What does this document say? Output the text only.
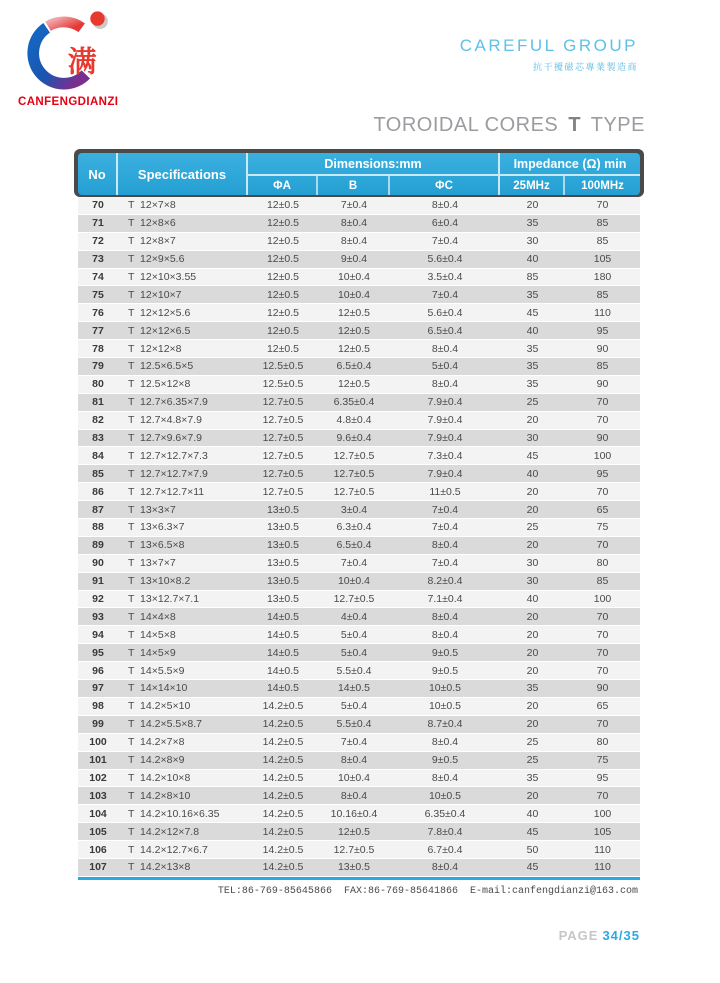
满
CANFENGDIANZI
CAREFUL GROUP
抗干擾磁芯專業製造商
TOROIDAL CORES T TYPE
No	Specifications
Dimensions:mm	Impedance (Ω) min
ΦA	B	ΦC	25MHz	100MHz
70	T  12×7×8	12±0.5	7±0.4	8±0.4	20	70
71	T  12×8×6	12±0.5	8±0.4	6±0.4	35	85
72	T  12×8×7	12±0.5	8±0.4	7±0.4	30	85
73	T  12×9×5.6	12±0.5	9±0.4	5.6±0.4	40	105
74	T  12×10×3.55	12±0.5	10±0.4	3.5±0.4	85	180
75	T  12×10×7	12±0.5	10±0.4	7±0.4	35	85
76	T  12×12×5.6	12±0.5	12±0.5	5.6±0.4	45	110
77	T  12×12×6.5	12±0.5	12±0.5	6.5±0.4	40	95
78	T  12×12×8	12±0.5	12±0.5	8±0.4	35	90
79	T  12.5×6.5×5	12.5±0.5	6.5±0.4	5±0.4	35	85
80	T  12.5×12×8	12.5±0.5	12±0.5	8±0.4	35	90
81	T  12.7×6.35×7.9	12.7±0.5	6.35±0.4	7.9±0.4	25	70
82	T  12.7×4.8×7.9	12.7±0.5	4.8±0.4	7.9±0.4	20	70
83	T  12.7×9.6×7.9	12.7±0.5	9.6±0.4	7.9±0.4	30	90
84	T  12.7×12.7×7.3	12.7±0.5	12.7±0.5	7.3±0.4	45	100
85	T  12.7×12.7×7.9	12.7±0.5	12.7±0.5	7.9±0.4	40	95
86	T  12.7×12.7×11	12.7±0.5	12.7±0.5	11±0.5	20	70
87	T  13×3×7	13±0.5	3±0.4	7±0.4	20	65
88	T  13×6.3×7	13±0.5	6.3±0.4	7±0.4	25	75
89	T  13×6.5×8	13±0.5	6.5±0.4	8±0.4	20	70
90	T  13×7×7	13±0.5	7±0.4	7±0.4	30	80
91	T  13×10×8.2	13±0.5	10±0.4	8.2±0.4	30	85
92	T  13×12.7×7.1	13±0.5	12.7±0.5	7.1±0.4	40	100
93	T  14×4×8	14±0.5	4±0.4	8±0.4	20	70
94	T  14×5×8	14±0.5	5±0.4	8±0.4	20	70
95	T  14×5×9	14±0.5	5±0.4	9±0.5	20	70
96	T  14×5.5×9	14±0.5	5.5±0.4	9±0.5	20	70
97	T  14×14×10	14±0.5	14±0.5	10±0.5	35	90
98	T  14.2×5×10	14.2±0.5	5±0.4	10±0.5	20	65
99	T  14.2×5.5×8.7	14.2±0.5	5.5±0.4	8.7±0.4	20	70
100	T  14.2×7×8	14.2±0.5	7±0.4	8±0.4	25	80
101	T  14.2×8×9	14.2±0.5	8±0.4	9±0.5	25	75
102	T  14.2×10×8	14.2±0.5	10±0.4	8±0.4	35	95
103	T  14.2×8×10	14.2±0.5	8±0.4	10±0.5	20	70
104	T  14.2×10.16×6.35	14.2±0.5	10.16±0.4	6.35±0.4	40	100
105	T  14.2×12×7.8	14.2±0.5	12±0.5	7.8±0.4	45	105
106	T  14.2×12.7×6.7	14.2±0.5	12.7±0.5	6.7±0.4	50	110
107	T  14.2×13×8	14.2±0.5	13±0.5	8±0.4	45	110
TEL:86-769-85645866  FAX:86-769-85641866  E-mail:canfengdianzi@163.com
PAGE 34/35
